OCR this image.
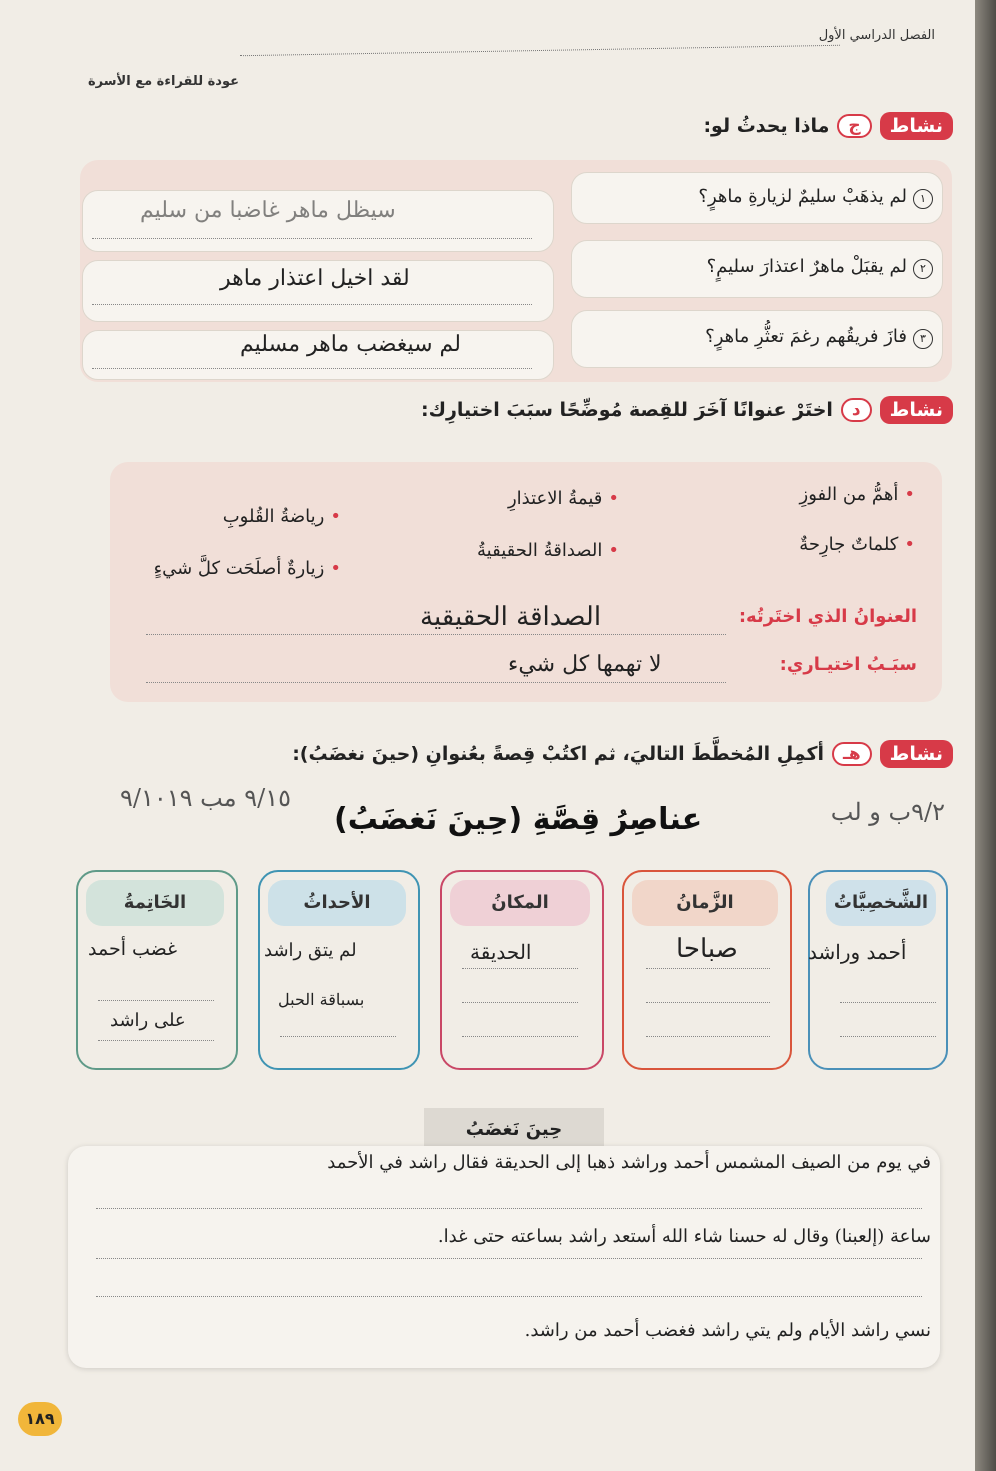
الفصل الدراسي الأول
عودة للقراءة مع الأسرة
نشاط
ج
ماذا يحدثُ لو:
١لم يذهَبْ سليمٌ لزيارةِ ماهرٍ؟
سيظل ماهر غاضبا من سليم
٢لم يقبَلْ ماهرٌ اعتذارَ سليمٍ؟
لقد اخيل اعتذار ماهر
٣فازَ فريقُهم رغمَ تعثُّرِ ماهرٍ؟
لم سيغضب ماهر مسليم
نشاط
د
اختَرْ عنوانًا آخَرَ للقِصة مُوضِّحًا سبَبَ اختيارِك:
• أهمُّ من الفوزِ
• قيمةُ الاعتذارِ
• رياضةُ القُلوبِ
• كلماتٌ جارِحةٌ
• الصداقةُ الحقيقيةُ
• زيارةٌ أصلَحَت كلَّ شيءٍ
العنوانُ الذي اختَرتُه:
الصداقة الحقيقية
سبَـبُ اختيـاري:
لا تهمها كل شيء
نشاط
هـ
أكمِلِ المُخطَّطَ التاليَ، ثم اكتُبْ قِصةً بعُنوانِ (حينَ نغضَبُ):
٩/١٥ مب ٩/١٠١٩	٩/٢ب و لب
عناصِرُ قِصَّةِ (حِينَ نَغضَبُ)
الشَّخصِيَّاتُ
أحمد وراشد
الزَّمانُ
صباحا
المكانُ
الحديقة
الأحداثُ
لم يتق راشد
بسباقة الحبل
الخَاتِمةُ
غضب أحمد
على راشد
حِينَ نَغضَبُ
في يوم من الصيف المشمس أحمد وراشد ذهبا إلى الحديقة فقال راشد في الأحمد
ساعة (إلعبنا) وقال له حسنا شاء الله أستعد راشد بساعته حتى غدا.
نسي راشد الأيام ولم يتي راشد فغضب أحمد من راشد.
١٨٩
